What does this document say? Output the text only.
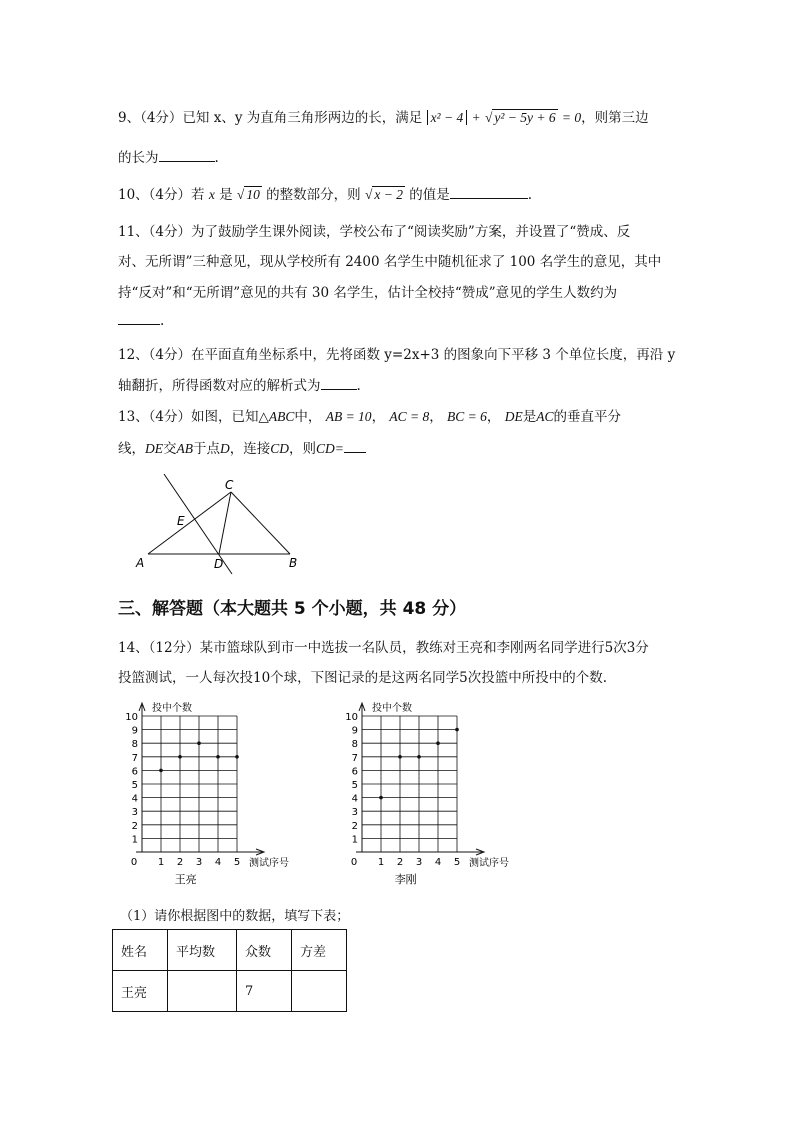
9、（4分）已知 x、y 为直角三角形两边的长，满足 x² − 4 + √ y² − 5y + 6 = 0，则第三边
的长为	.
10、（4分）若 x 是 √ 10 的整数部分，则 √ x − 2 的值是	.
11、（4分）为了鼓励学生课外阅读，学校公布了“阅读奖励”方案，并设置了“赞成、反
对、无所谓”三种意见，现从学校所有 2400 名学生中随机征求了 100 名学生的意见，其中
持“反对”和“无所谓”意见的共有 30 名学生，估计全校持“赞成”意见的学生人数约为
.
12、（4分）在平面直角坐标系中，先将函数 y=2x+3 的图象向下平移 3 个单位长度，再沿 y
轴翻折，所得函数对应的解析式为	.
13、（4分）如图，已知△ABC中， AB = 10， AC = 8， BC = 6， DE是AC的垂直平分
线，DE交AB于点D，连接CD，则CD=
A	B
C
D
E
三、解答题（本大题共 5 个小题，共 48 分）
14、（12分）某市篮球队到市一中选拔一名队员，教练对王亮和李刚两名同学进行5次3分
投篮测试，一人每次投10个球，下图记录的是这两名同学5次投篮中所投中的个数.
1
2
3
4
5
6
7
8
9
10
0 1 2 3 4 5
投中个数
测试序号
王亮
1
2
3
4
5
6
7
8
9
10
0 1 2 3 4 5
投中个数
测试序号
李刚
（1）请你根据图中的数据，填写下表；
姓名	平均数	众数	方差
王亮		7	
